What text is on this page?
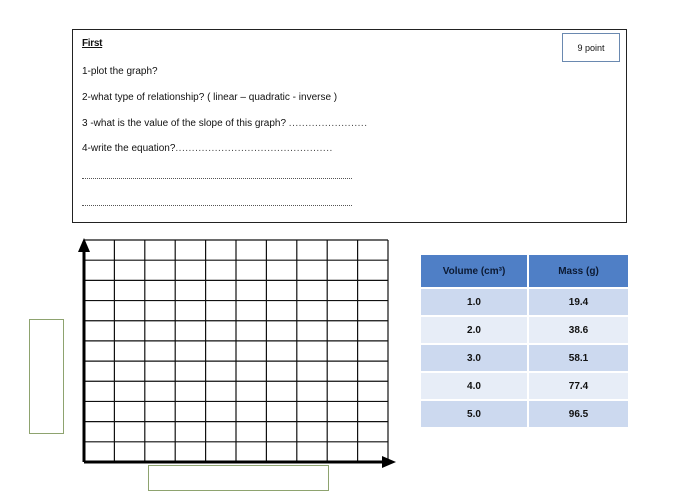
First	9 point
1-plot the graph?
2-what type of relationship? ( linear – quadratic - inverse )
3 -what is the value of the slope of this graph? ........................
4-write the equation?................................................
Volume (cm³)	Mass (g)
1.0	19.4
2.0	38.6
3.0	58.1
4.0	77.4
5.0	96.5
